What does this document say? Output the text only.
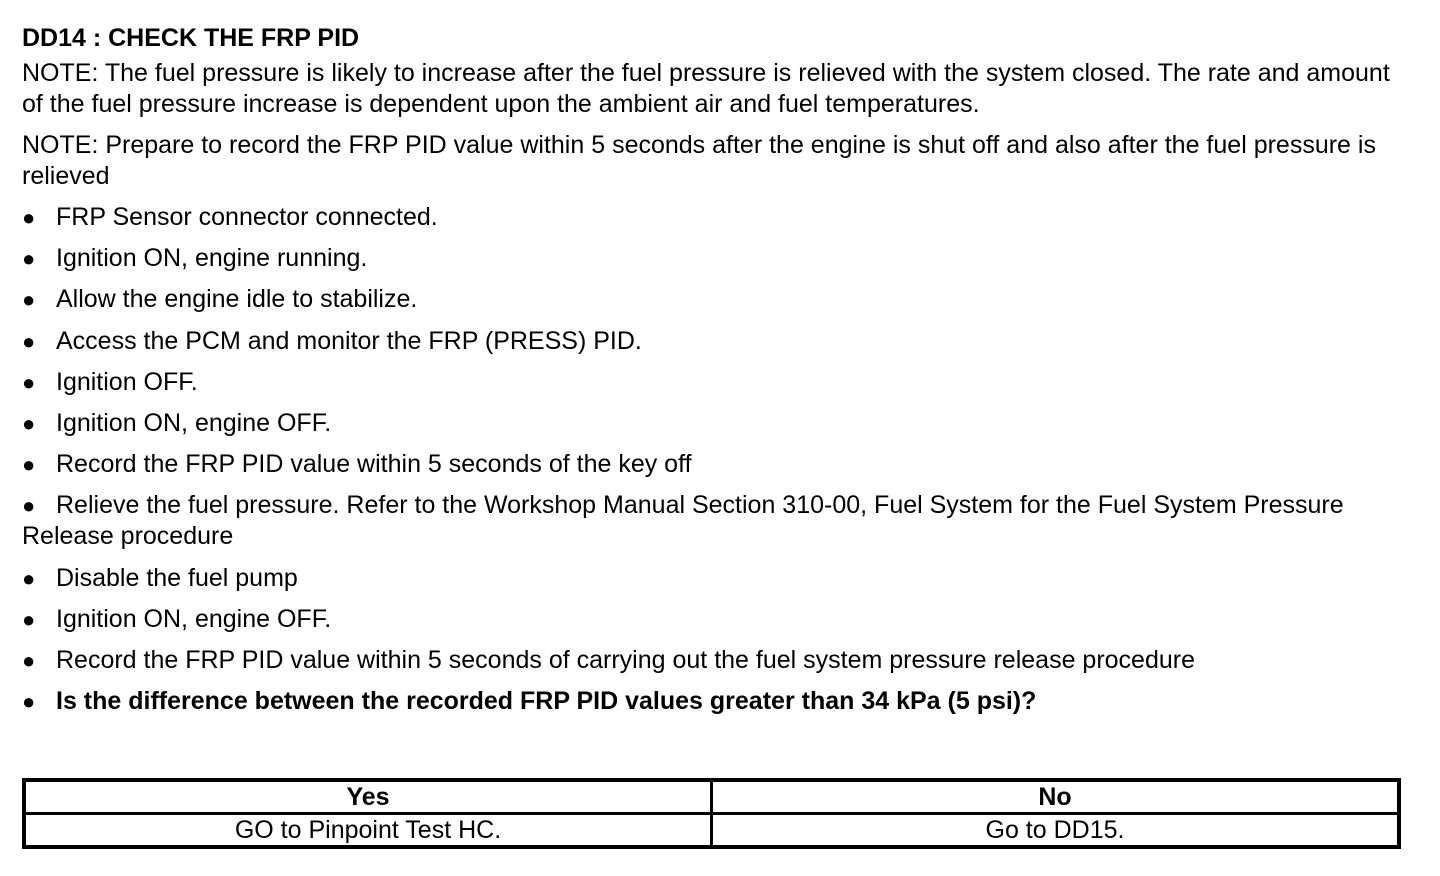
DD14 : CHECK THE FRP PID

NOTE: The fuel pressure is likely to increase after the fuel pressure is relieved with the system closed. The rate and amount of the fuel pressure increase is dependent upon the ambient air and fuel temperatures.

NOTE: Prepare to record the FRP PID value within 5 seconds after the engine is shut off and also after the fuel pressure is relieved

● FRP Sensor connector connected.
● Ignition ON, engine running.
● Allow the engine idle to stabilize.
● Access the PCM and monitor the FRP (PRESS) PID.
● Ignition OFF.
● Ignition ON, engine OFF.
● Record the FRP PID value within 5 seconds of the key off
● Relieve the fuel pressure. Refer to the Workshop Manual Section 310-00, Fuel System for the Fuel System Pressure Release procedure
● Disable the fuel pump
● Ignition ON, engine OFF.
● Record the FRP PID value within 5 seconds of carrying out the fuel system pressure release procedure
● Is the difference between the recorded FRP PID values greater than 34 kPa (5 psi)?
Yes	No
GO to Pinpoint Test HC.	Go to DD15.
